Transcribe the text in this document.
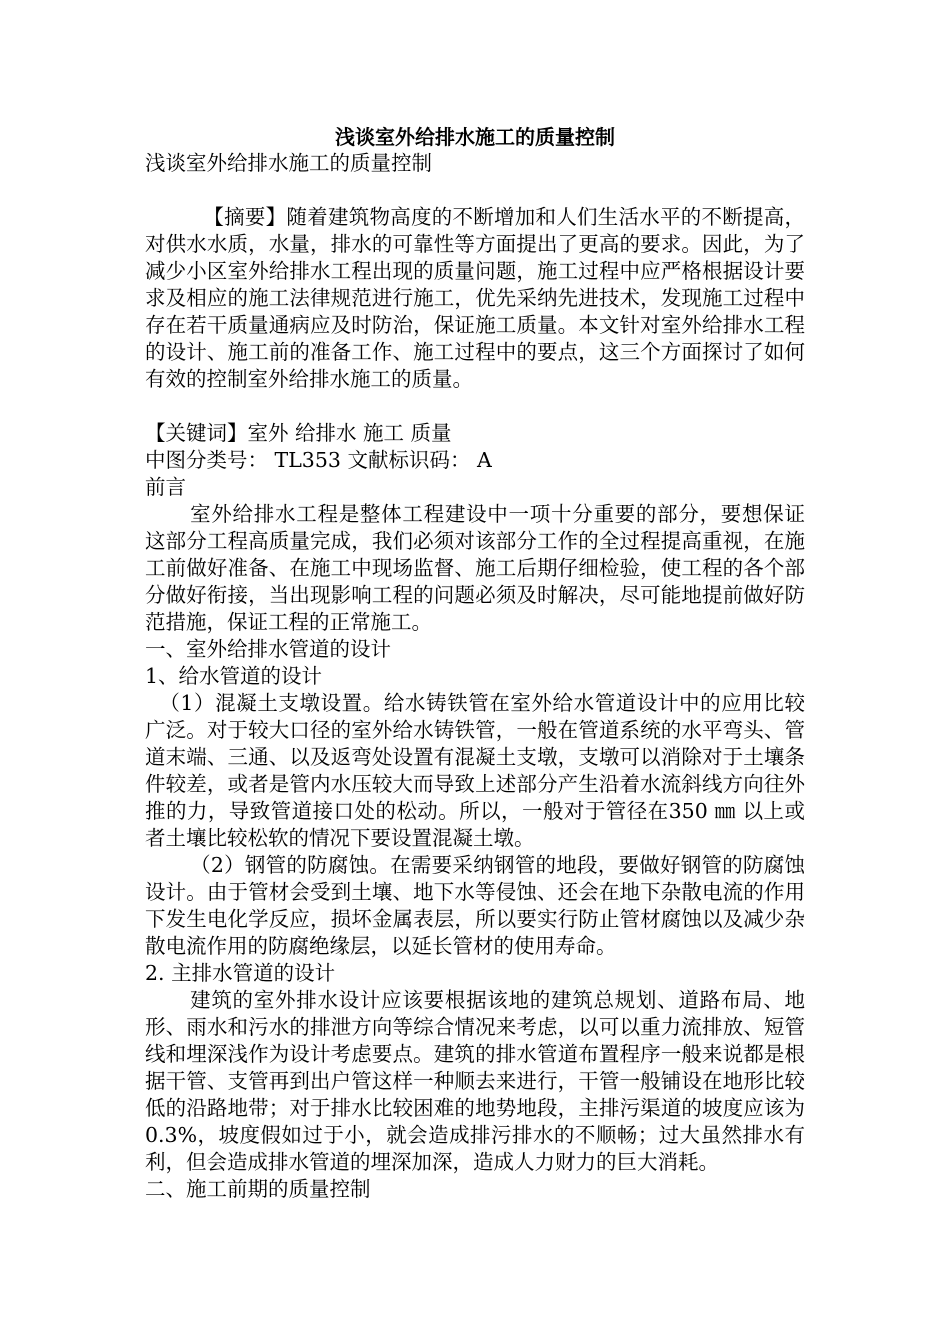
浅谈室外给排水施工的质量控制

浅谈室外给排水施工的质量控制

【摘要】随着建筑物高度的不断增加和人们生活水平的不断提高，对供水水质，水量，排水的可靠性等方面提出了更高的要求。因此，为了减少小区室外给排水工程出现的质量问题，施工过程中应严格根据设计要求及相应的施工法律规范进行施工，优先采纳先进技术，发现施工过程中存在若干质量通病应及时防治，保证施工质量。本文针对室外给排水工程的设计、施工前的准备工作、施工过程中的要点，这三个方面探讨了如何有效的控制室外给排水施工的质量。

【关键词】室外 给排水 施工 质量

中图分类号： TL353 文献标识码： A

前言

室外给排水工程是整体工程建设中一项十分重要的部分，要想保证这部分工程高质量完成，我们必须对该部分工作的全过程提高重视，在施工前做好准备、在施工中现场监督、施工后期仔细检验，使工程的各个部分做好衔接，当出现影响工程的问题必须及时解决，尽可能地提前做好防范措施，保证工程的正常施工。

一、室外给排水管道的设计

1、给水管道的设计

（1）混凝土支墩设置。给水铸铁管在室外给水管道设计中的应用比较广泛。对于较大口径的室外给水铸铁管，一般在管道系统的水平弯头、管道末端、三通、以及返弯处设置有混凝土支墩，支墩可以消除对于土壤条件较差，或者是管内水压较大而导致上述部分产生沿着水流斜线方向往外推的力，导致管道接口处的松动。所以，一般对于管径在350 ㎜ 以上或者土壤比较松软的情况下要设置混凝土墩。

（2）钢管的防腐蚀。在需要采纳钢管的地段，要做好钢管的防腐蚀设计。由于管材会受到土壤、地下水等侵蚀、还会在地下杂散电流的作用下发生电化学反应，损坏金属表层，所以要实行防止管材腐蚀以及减少杂散电流作用的防腐绝缘层，以延长管材的使用寿命。

2. 主排水管道的设计

建筑的室外排水设计应该要根据该地的建筑总规划、道路布局、地形、雨水和污水的排泄方向等综合情况来考虑，以可以重力流排放、短管线和埋深浅作为设计考虑要点。建筑的排水管道布置程序一般来说都是根据干管、支管再到出户管这样一种顺去来进行，干管一般铺设在地形比较低的沿路地带；对于排水比较困难的地势地段，主排污渠道的坡度应该为0.3%，坡度假如过于小，就会造成排污排水的不顺畅；过大虽然排水有利，但会造成排水管道的埋深加深，造成人力财力的巨大消耗。

二、施工前期的质量控制
